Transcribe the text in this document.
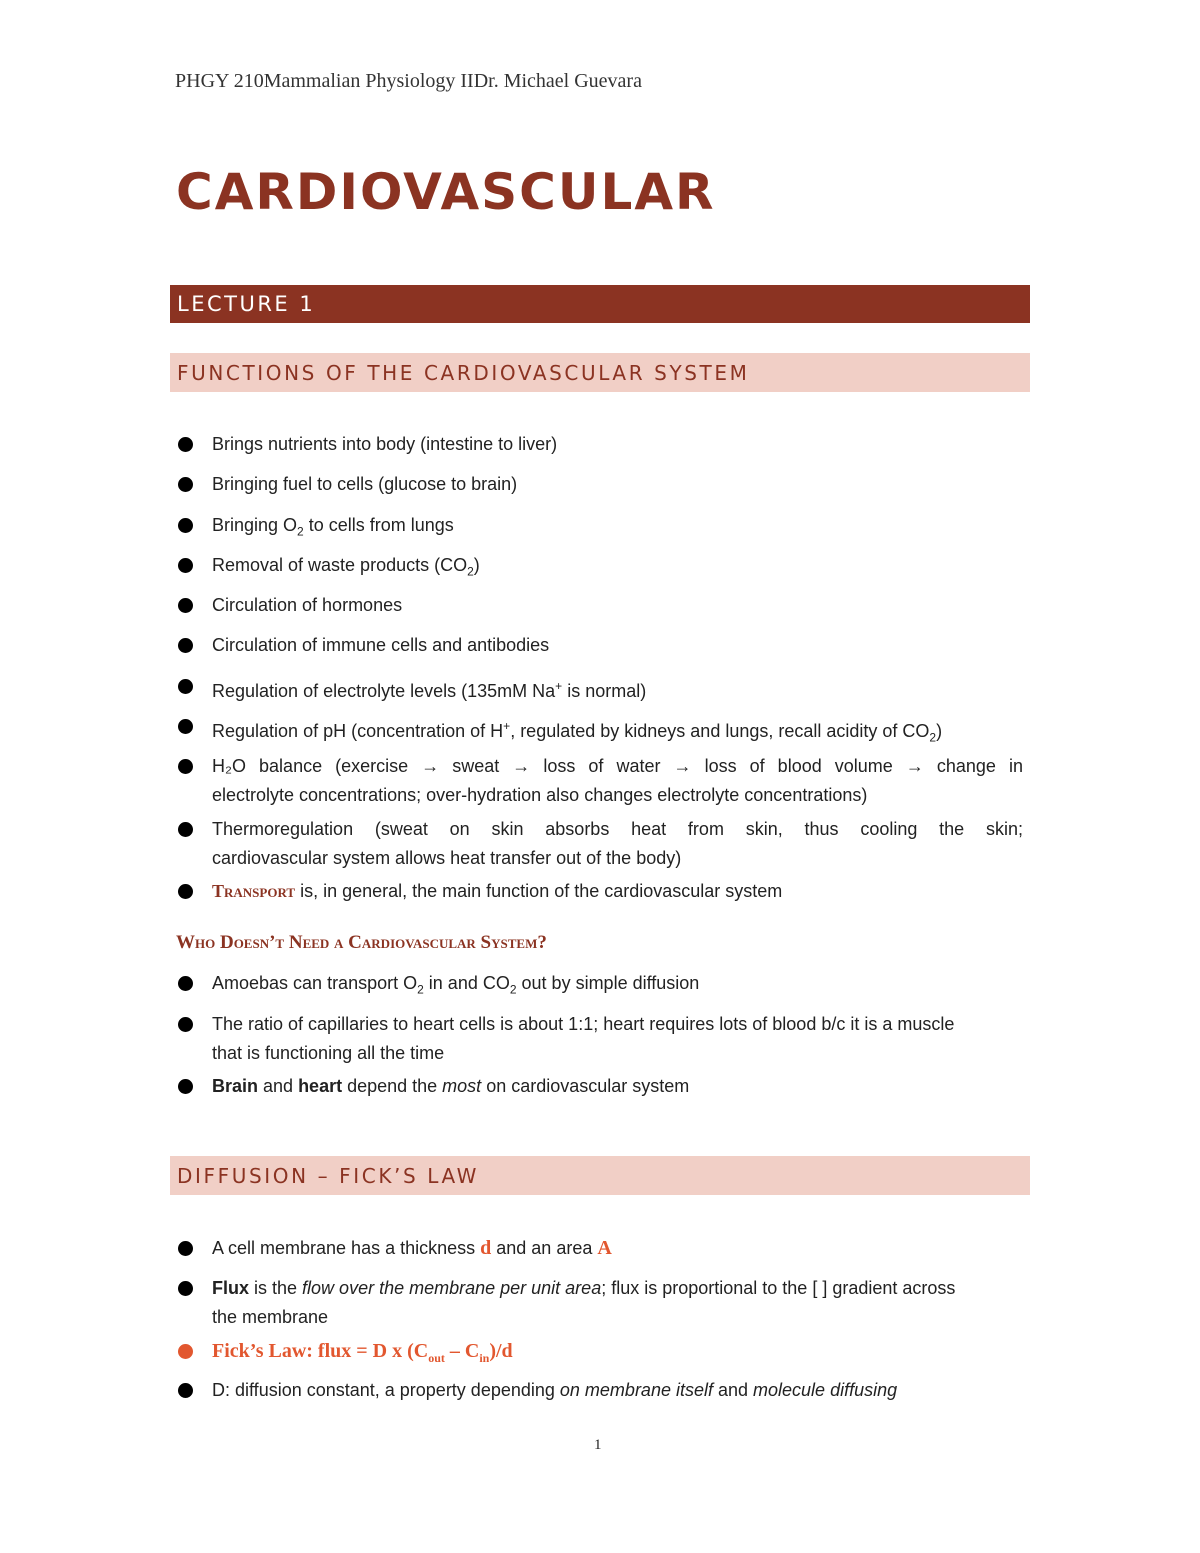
PHGY 210Mammalian Physiology IIDr. Michael Guevara
CARDIOVASCULAR
LECTURE 1
FUNCTIONS OF THE CARDIOVASCULAR SYSTEM
Brings nutrients into body (intestine to liver)
Bringing fuel to cells (glucose to brain)
Bringing $O_2$ to cells from lungs
Removal of waste products $(CO_2)$
Circulation of hormones
Circulation of immune cells and antibodies
Regulation of electrolyte levels (135mM Na+ is normal)
Regulation of pH (concentration of H+, regulated by kidneys and lungs, recall acidity of $CO_2$)
H₂O balance (exercise → sweat → loss of water → loss of blood volume → change in
electrolyte concentrations; over-hydration also changes electrolyte concentrations)
Thermoregulation (sweat on skin absorbs heat from skin, thus cooling the skin;
cardiovascular system allows heat transfer out of the body)
Transport is, in general, the main function of the cardiovascular system
Who Doesn’t Need a Cardiovascular System?
Amoebas can transport $O_2$ in and $CO_2$ out by simple diffusion
The ratio of capillaries to heart cells is about 1:1; heart requires lots of blood b/c it is a muscle
that is functioning all the time
Brain and heart depend the most on cardiovascular system
DIFFUSION – FICK’S LAW
A cell membrane has a thickness d and an area A
Flux is the flow over the membrane per unit area; flux is proportional to the [ ] gradient across
the membrane
Fick’s Law: flux = D x $(C_{out} - C_{in})/d$
D: diffusion constant, a property depending on membrane itself and molecule diffusing
1
